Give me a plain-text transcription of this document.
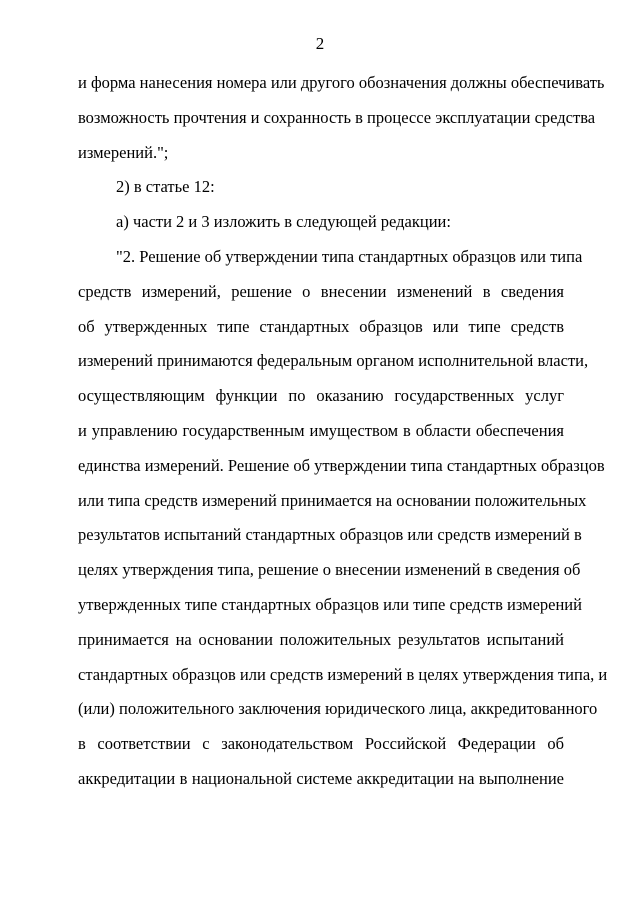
2
и форма нанесения номера или другого обозначения должны обеспечивать
возможность прочтения и сохранность в процессе эксплуатации средства
измерений.";
2) в статье 12:
а) части 2 и 3 изложить в следующей редакции:
"2. Решение об утверждении типа стандартных образцов или типа
средств измерений, решение о внесении изменений в сведения
об утвержденных типе стандартных образцов или типе средств
измерений принимаются федеральным органом исполнительной власти,
осуществляющим функции по оказанию государственных услуг
и управлению государственным имуществом в области обеспечения
единства измерений. Решение об утверждении типа стандартных образцов
или типа средств измерений принимается на основании положительных
результатов испытаний стандартных образцов или средств измерений в
целях утверждения типа, решение о внесении изменений в сведения об
утвержденных типе стандартных образцов или типе средств измерений
принимается на основании положительных результатов испытаний
стандартных образцов или средств измерений в целях утверждения типа, и
(или) положительного заключения юридического лица, аккредитованного
в соответствии с законодательством Российской Федерации об
аккредитации в национальной системе аккредитации на выполнение
